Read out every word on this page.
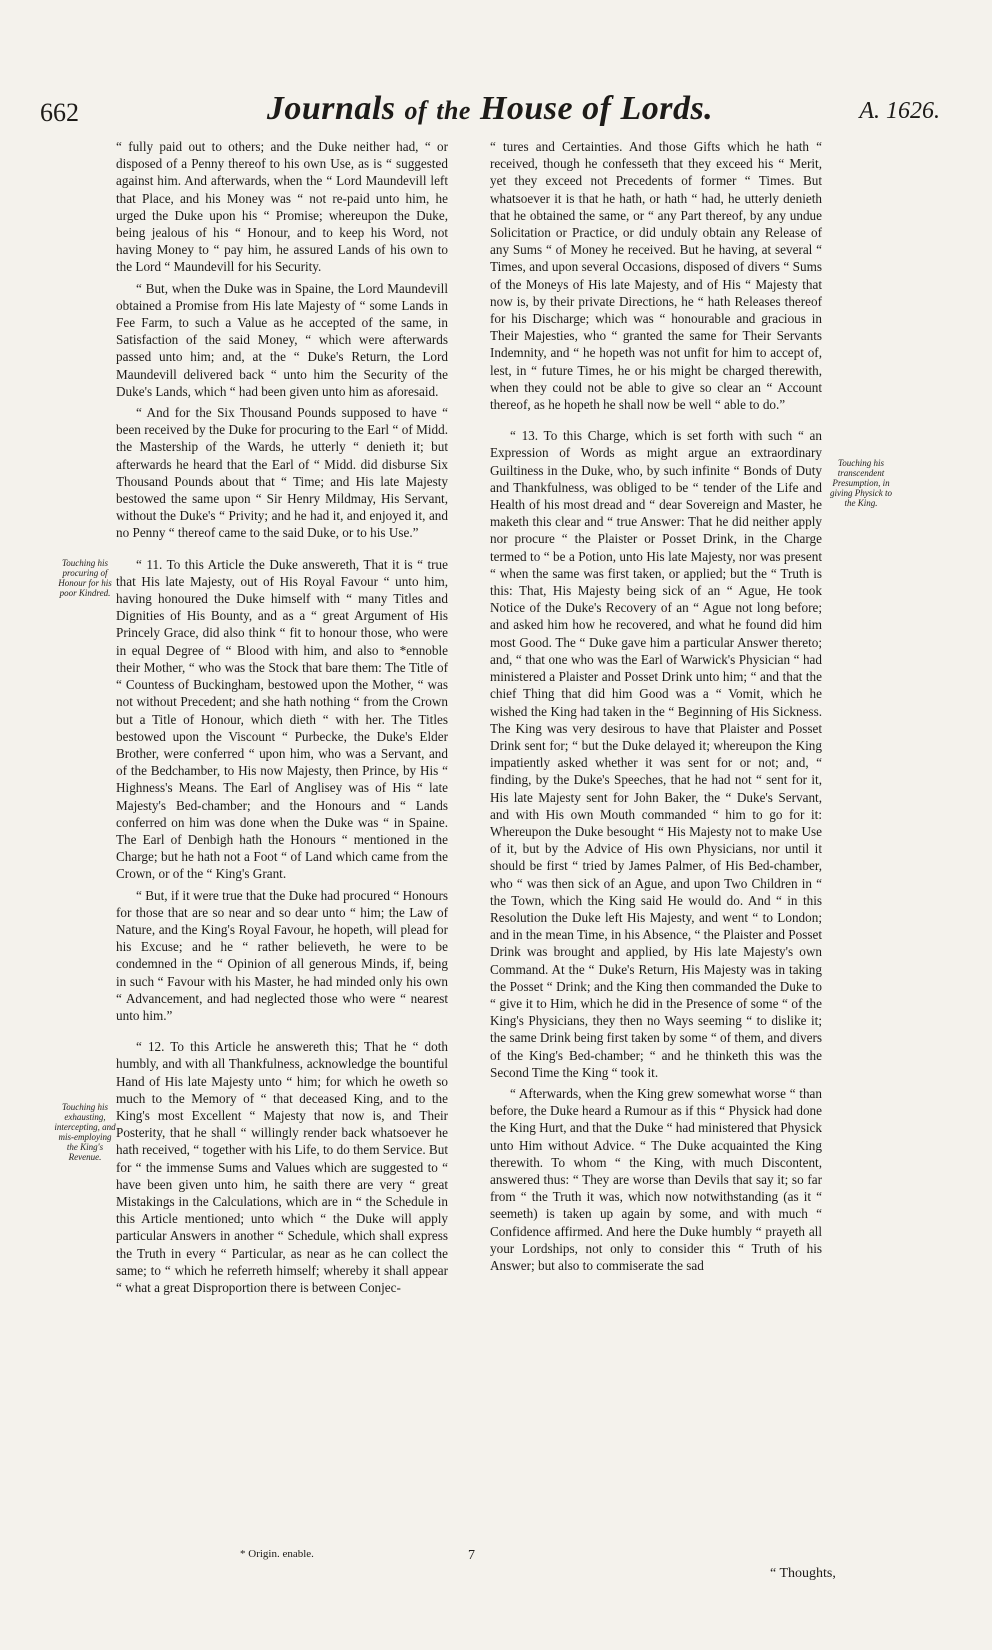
662	Journals of the House of Lords.	A. 1626.
Touching his procuring of Honour for his poor Kindred.
Touching his exhausting, intercepting, and mis-employing the King's Revenue.
Touching his transcendent Presumption, in giving Physick to the King.

“ fully paid out to others; and the Duke neither had, “ or disposed of a Penny thereof to his own Use, as is “ suggested against him. And afterwards, when the “ Lord Maundevill left that Place, and his Money was “ not re-paid unto him, he urged the Duke upon his “ Promise; whereupon the Duke, being jealous of his “ Honour, and to keep his Word, not having Money to “ pay him, he assured Lands of his own to the Lord “ Maundevill for his Security.

“ But, when the Duke was in Spaine, the Lord Maundevill obtained a Promise from His late Majesty of “ some Lands in Fee Farm, to such a Value as he accepted of the same, in Satisfaction of the said Money, “ which were afterwards passed unto him; and, at the “ Duke's Return, the Lord Maundevill delivered back “ unto him the Security of the Duke's Lands, which “ had been given unto him as aforesaid.

“ And for the Six Thousand Pounds supposed to have “ been received by the Duke for procuring to the Earl “ of Midd. the Mastership of the Wards, he utterly “ denieth it; but afterwards he heard that the Earl of “ Midd. did disburse Six Thousand Pounds about that “ Time; and His late Majesty bestowed the same upon “ Sir Henry Mildmay, His Servant, without the Duke's “ Privity; and he had it, and enjoyed it, and no Penny “ thereof came to the said Duke, or to his Use.”

“ 11. To this Article the Duke answereth, That it is “ true that His late Majesty, out of His Royal Favour “ unto him, having honoured the Duke himself with “ many Titles and Dignities of His Bounty, and as a “ great Argument of His Princely Grace, did also think “ fit to honour those, who were in equal Degree of “ Blood with him, and also to *ennoble their Mother, “ who was the Stock that bare them: The Title of “ Countess of Buckingham, bestowed upon the Mother, “ was not without Precedent; and she hath nothing “ from the Crown but a Title of Honour, which dieth “ with her. The Titles bestowed upon the Viscount “ Purbecke, the Duke's Elder Brother, were conferred “ upon him, who was a Servant, and of the Bedchamber, to His now Majesty, then Prince, by His “ Highness's Means. The Earl of Anglisey was of His “ late Majesty's Bed-chamber; and the Honours and “ Lands conferred on him was done when the Duke was “ in Spaine. The Earl of Denbigh hath the Honours “ mentioned in the Charge; but he hath not a Foot “ of Land which came from the Crown, or of the “ King's Grant.

“ But, if it were true that the Duke had procured “ Honours for those that are so near and so dear unto “ him; the Law of Nature, and the King's Royal Favour, he hopeth, will plead for his Excuse; and he “ rather believeth, he were to be condemned in the “ Opinion of all generous Minds, if, being in such “ Favour with his Master, he had minded only his own “ Advancement, and had neglected those who were “ nearest unto him.”

“ 12. To this Article he answereth this; That he “ doth humbly, and with all Thankfulness, acknowledge the bountiful Hand of His late Majesty unto “ him; for which he oweth so much to the Memory of “ that deceased King, and to the King's most Excellent “ Majesty that now is, and Their Posterity, that he shall “ willingly render back whatsoever he hath received, “ together with his Life, to do them Service. But for “ the immense Sums and Values which are suggested to “ have been given unto him, he saith there are very “ great Mistakings in the Calculations, which are in “ the Schedule in this Article mentioned; unto which “ the Duke will apply particular Answers in another “ Schedule, which shall express the Truth in every “ Particular, as near as he can collect the same; to “ which he referreth himself; whereby it shall appear “ what a great Disproportion there is between Conjec-

“ tures and Certainties. And those Gifts which he hath “ received, though he confesseth that they exceed his “ Merit, yet they exceed not Precedents of former “ Times. But whatsoever it is that he hath, or hath “ had, he utterly denieth that he obtained the same, or “ any Part thereof, by any undue Solicitation or Practice, or did unduly obtain any Release of any Sums “ of Money he received. But he having, at several “ Times, and upon several Occasions, disposed of divers “ Sums of the Moneys of His late Majesty, and of His “ Majesty that now is, by their private Directions, he “ hath Releases thereof for his Discharge; which was “ honourable and gracious in Their Majesties, who “ granted the same for Their Servants Indemnity, and “ he hopeth was not unfit for him to accept of, lest, in “ future Times, he or his might be charged therewith, when they could not be able to give so clear an “ Account thereof, as he hopeth he shall now be well “ able to do.”

“ 13. To this Charge, which is set forth with such “ an Expression of Words as might argue an extraordinary Guiltiness in the Duke, who, by such infinite “ Bonds of Duty and Thankfulness, was obliged to be “ tender of the Life and Health of his most dread and “ dear Sovereign and Master, he maketh this clear and “ true Answer: That he did neither apply nor procure “ the Plaister or Posset Drink, in the Charge termed to “ be a Potion, unto His late Majesty, nor was present “ when the same was first taken, or applied; but the “ Truth is this: That, His Majesty being sick of an “ Ague, He took Notice of the Duke's Recovery of an “ Ague not long before; and asked him how he recovered, and what he found did him most Good. The “ Duke gave him a particular Answer thereto; and, “ that one who was the Earl of Warwick's Physician “ had ministered a Plaister and Posset Drink unto him; “ and that the chief Thing that did him Good was a “ Vomit, which he wished the King had taken in the “ Beginning of His Sickness. The King was very desirous to have that Plaister and Posset Drink sent for; “ but the Duke delayed it; whereupon the King impatiently asked whether it was sent for or not; and, “ finding, by the Duke's Speeches, that he had not “ sent for it, His late Majesty sent for John Baker, the “ Duke's Servant, and with His own Mouth commanded “ him to go for it: Whereupon the Duke besought “ His Majesty not to make Use of it, but by the Advice of His own Physicians, nor until it should be first “ tried by James Palmer, of His Bed-chamber, who “ was then sick of an Ague, and upon Two Children in “ the Town, which the King said He would do. And “ in this Resolution the Duke left His Majesty, and went “ to London; and in the mean Time, in his Absence, “ the Plaister and Posset Drink was brought and applied, by His late Majesty's own Command. At the “ Duke's Return, His Majesty was in taking the Posset “ Drink; and the King then commanded the Duke to “ give it to Him, which he did in the Presence of some “ of the King's Physicians, they then no Ways seeming “ to dislike it; the same Drink being first taken by some “ of them, and divers of the King's Bed-chamber; “ and he thinketh this was the Second Time the King “ took it.

“ Afterwards, when the King grew somewhat worse “ than before, the Duke heard a Rumour as if this “ Physick had done the King Hurt, and that the Duke “ had ministered that Physick unto Him without Advice. “ The Duke acquainted the King therewith. To whom “ the King, with much Discontent, answered thus: “ They are worse than Devils that say it; so far from “ the Truth it was, which now notwithstanding (as it “ seemeth) is taken up again by some, and with much “ Confidence affirmed. And here the Duke humbly “ prayeth all your Lordships, not only to consider this “ Truth of his Answer; but also to commiserate the sad

* Origin. enable.	7
“ Thoughts,
